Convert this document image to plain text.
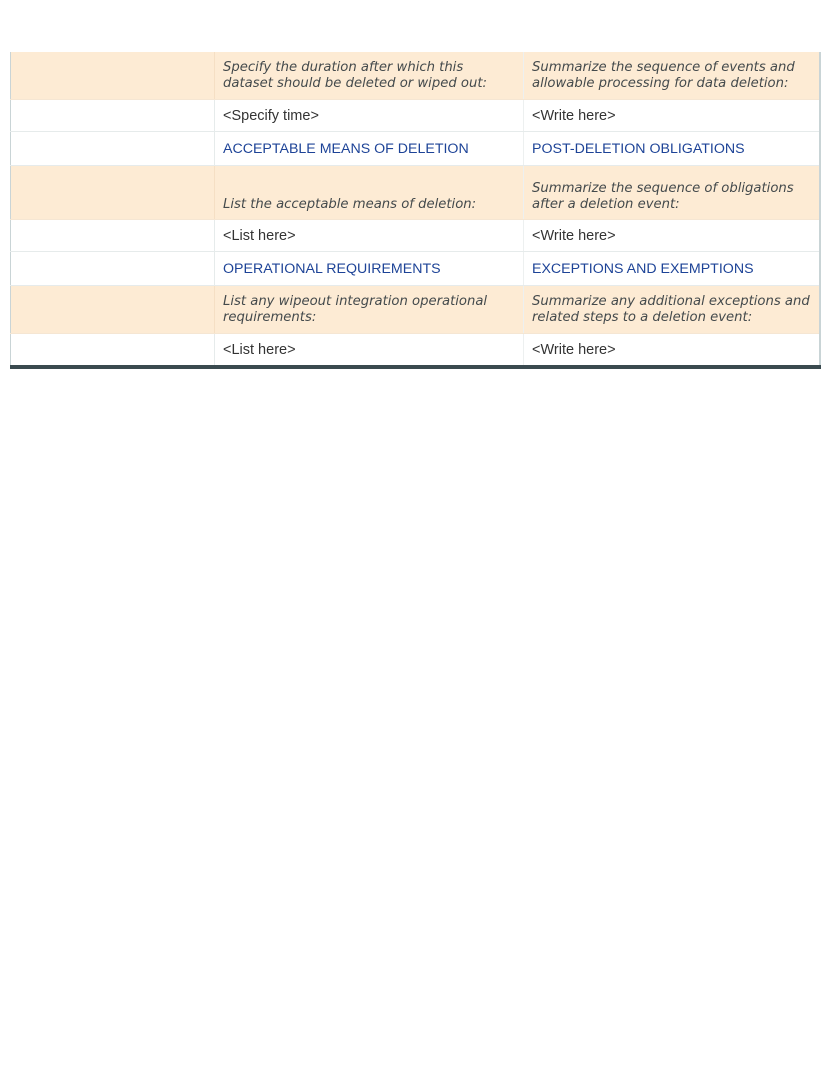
	Specify the duration after which this dataset should be deleted or wiped out:	Summarize the sequence of events and allowable processing for data deletion:
	<Specify time>	<Write here>
	ACCEPTABLE MEANS OF DELETION	POST-DELETION OBLIGATIONS
	List the acceptable means of deletion:	Summarize the sequence of obligations after a deletion event:
	<List here>	<Write here>
	OPERATIONAL REQUIREMENTS	EXCEPTIONS AND EXEMPTIONS
	List any wipeout integration operational requirements:	Summarize any additional exceptions and related steps to a deletion event:
	<List here>	<Write here>
